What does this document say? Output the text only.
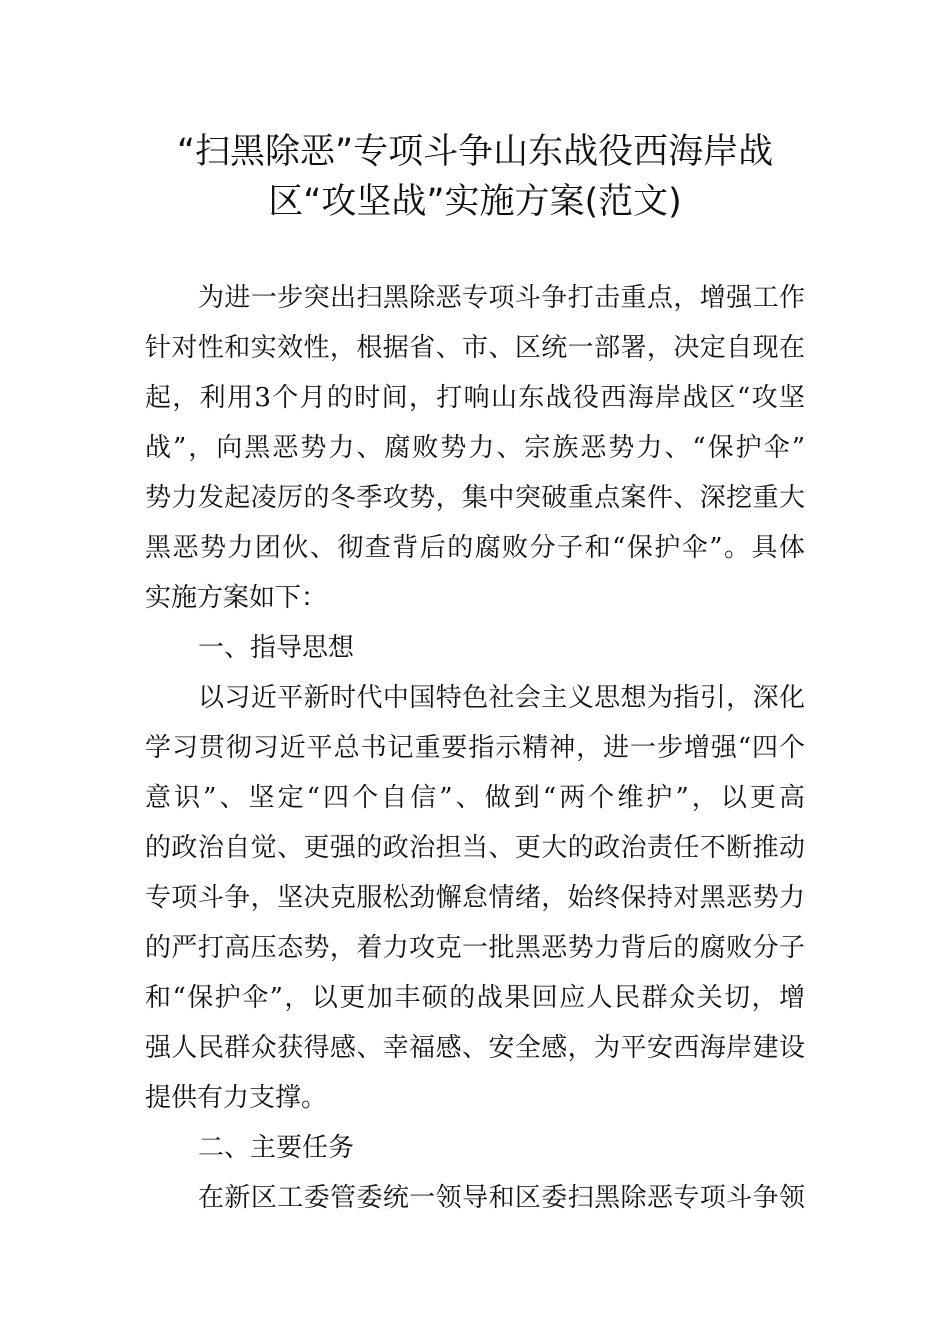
“扫黑除恶”专项斗争山东战役西海岸战
区“攻坚战”实施方案(范文)
为进一步突出扫黑除恶专项斗争打击重点，增强工作
针对性和实效性，根据省、市、区统一部署，决定自现在
起，利用3个月的时间，打响山东战役西海岸战区“攻坚
战”，向黑恶势力、腐败势力、宗族恶势力、“保护伞”
势力发起凌厉的冬季攻势，集中突破重点案件、深挖重大
黑恶势力团伙、彻查背后的腐败分子和“保护伞”。具体
实施方案如下：
一、指导思想
以习近平新时代中国特色社会主义思想为指引，深化
学习贯彻习近平总书记重要指示精神，进一步增强“四个
意识”、坚定“四个自信”、做到“两个维护”，以更高
的政治自觉、更强的政治担当、更大的政治责任不断推动
专项斗争，坚决克服松劲懈怠情绪，始终保持对黑恶势力
的严打高压态势，着力攻克一批黑恶势力背后的腐败分子
和“保护伞”，以更加丰硕的战果回应人民群众关切，增
强人民群众获得感、幸福感、安全感，为平安西海岸建设
提供有力支撑。
二、主要任务
在新区工委管委统一领导和区委扫黑除恶专项斗争领
